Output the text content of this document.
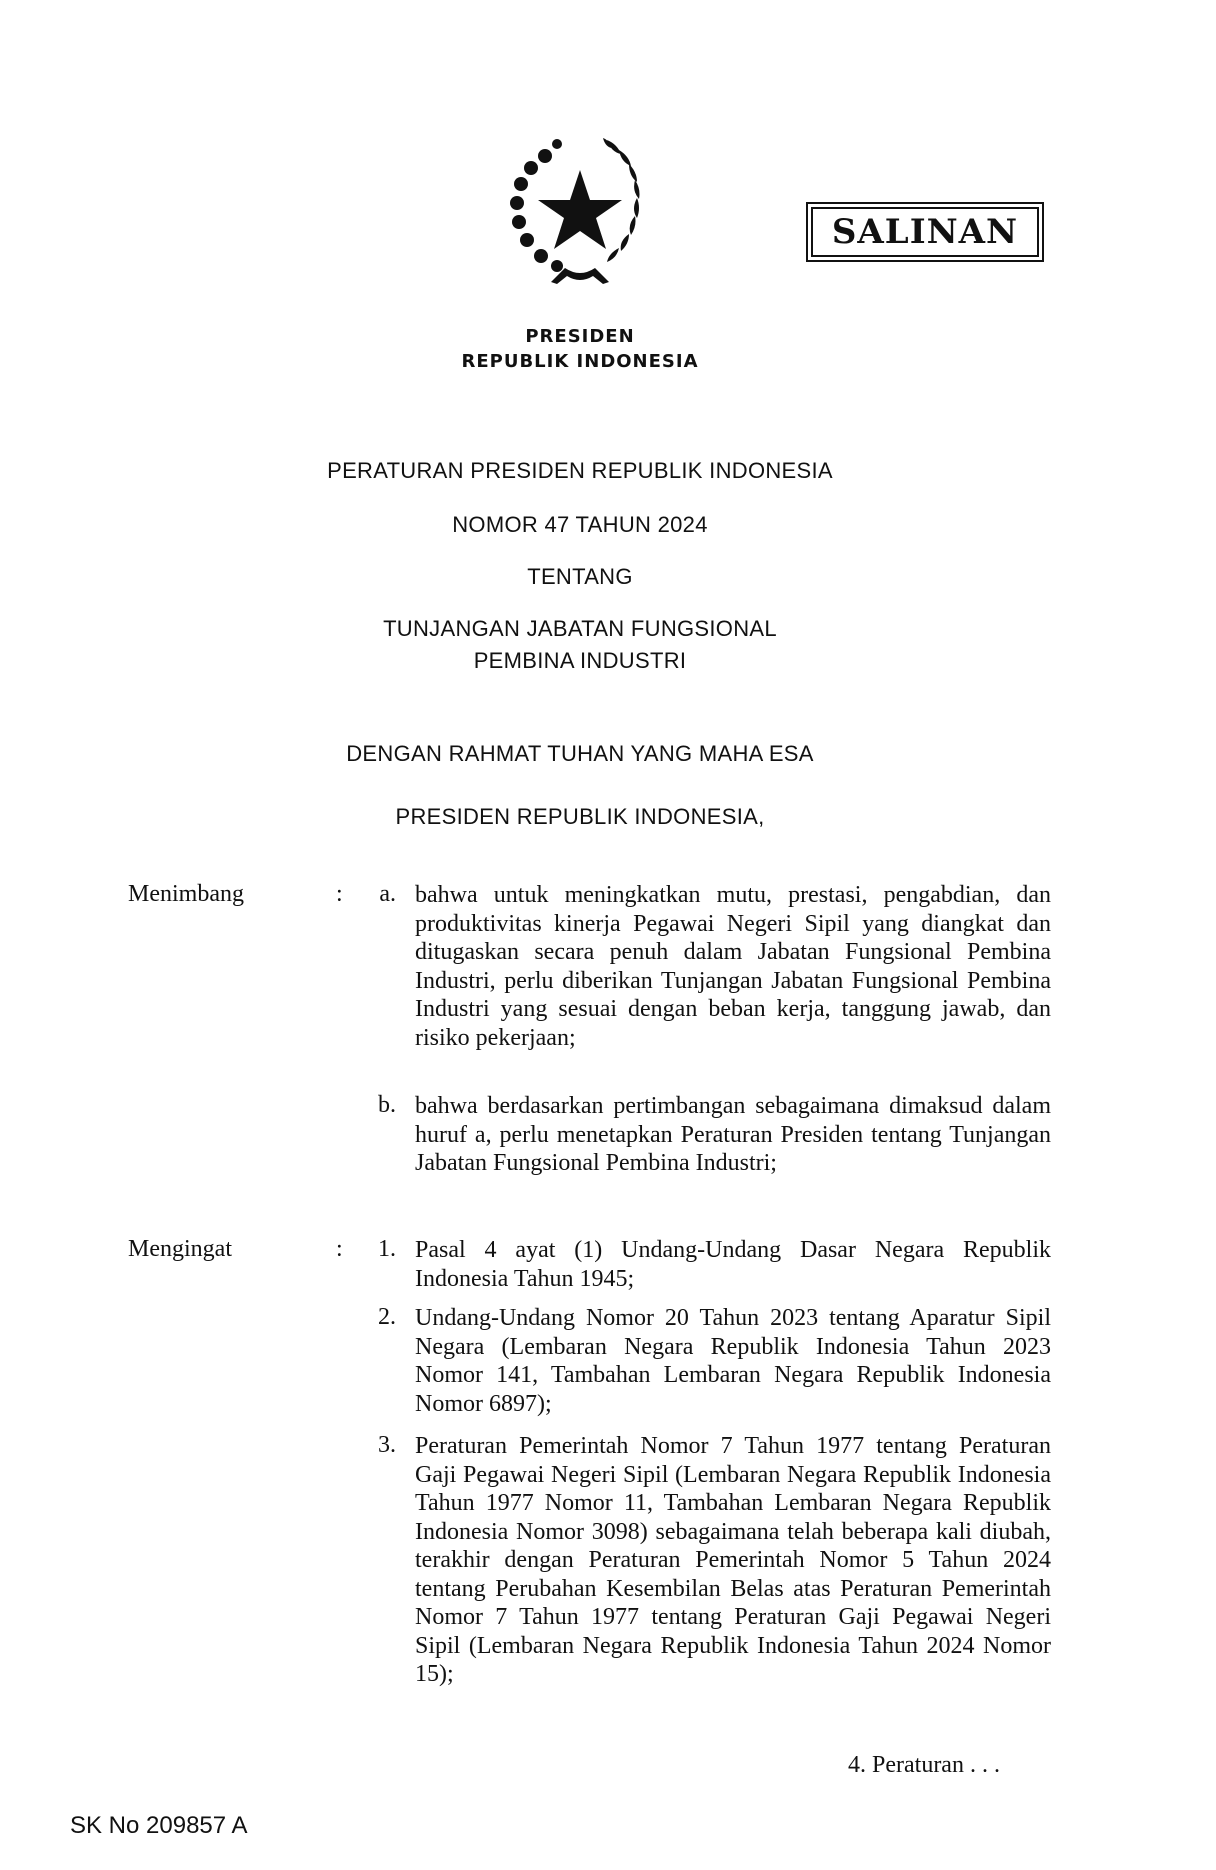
SALINAN
PRESIDEN
REPUBLIK INDONESIA
PERATURAN PRESIDEN REPUBLIK INDONESIA
NOMOR 47 TAHUN 2024
TENTANG
TUNJANGAN JABATAN FUNGSIONAL
PEMBINA INDUSTRI
DENGAN RAHMAT TUHAN YANG MAHA ESA
PRESIDEN REPUBLIK INDONESIA,
Menimbang	:	a. bahwa untuk meningkatkan mutu, prestasi, pengabdian, dan produktivitas kinerja Pegawai Negeri Sipil yang diangkat dan ditugaskan secara penuh dalam Jabatan Fungsional Pembina Industri, perlu diberikan Tunjangan Jabatan Fungsional Pembina Industri yang sesuai dengan beban kerja, tanggung jawab, dan risiko pekerjaan;
b. bahwa berdasarkan pertimbangan sebagaimana dimaksud dalam huruf a, perlu menetapkan Peraturan Presiden tentang Tunjangan Jabatan Fungsional Pembina Industri;
Mengingat	:	1. Pasal 4 ayat (1) Undang-Undang Dasar Negara Republik Indonesia Tahun 1945;
2. Undang-Undang Nomor 20 Tahun 2023 tentang Aparatur Sipil Negara (Lembaran Negara Republik Indonesia Tahun 2023 Nomor 141, Tambahan Lembaran Negara Republik Indonesia Nomor 6897);
3. Peraturan Pemerintah Nomor 7 Tahun 1977 tentang Peraturan Gaji Pegawai Negeri Sipil (Lembaran Negara Republik Indonesia Tahun 1977 Nomor 11, Tambahan Lembaran Negara Republik Indonesia Nomor 3098) sebagaimana telah beberapa kali diubah, terakhir dengan Peraturan Pemerintah Nomor 5 Tahun 2024 tentang Perubahan Kesembilan Belas atas Peraturan Pemerintah Nomor 7 Tahun 1977 tentang Peraturan Gaji Pegawai Negeri Sipil (Lembaran Negara Republik Indonesia Tahun 2024 Nomor 15);
4. Peraturan . . .
SK No 209857 A
